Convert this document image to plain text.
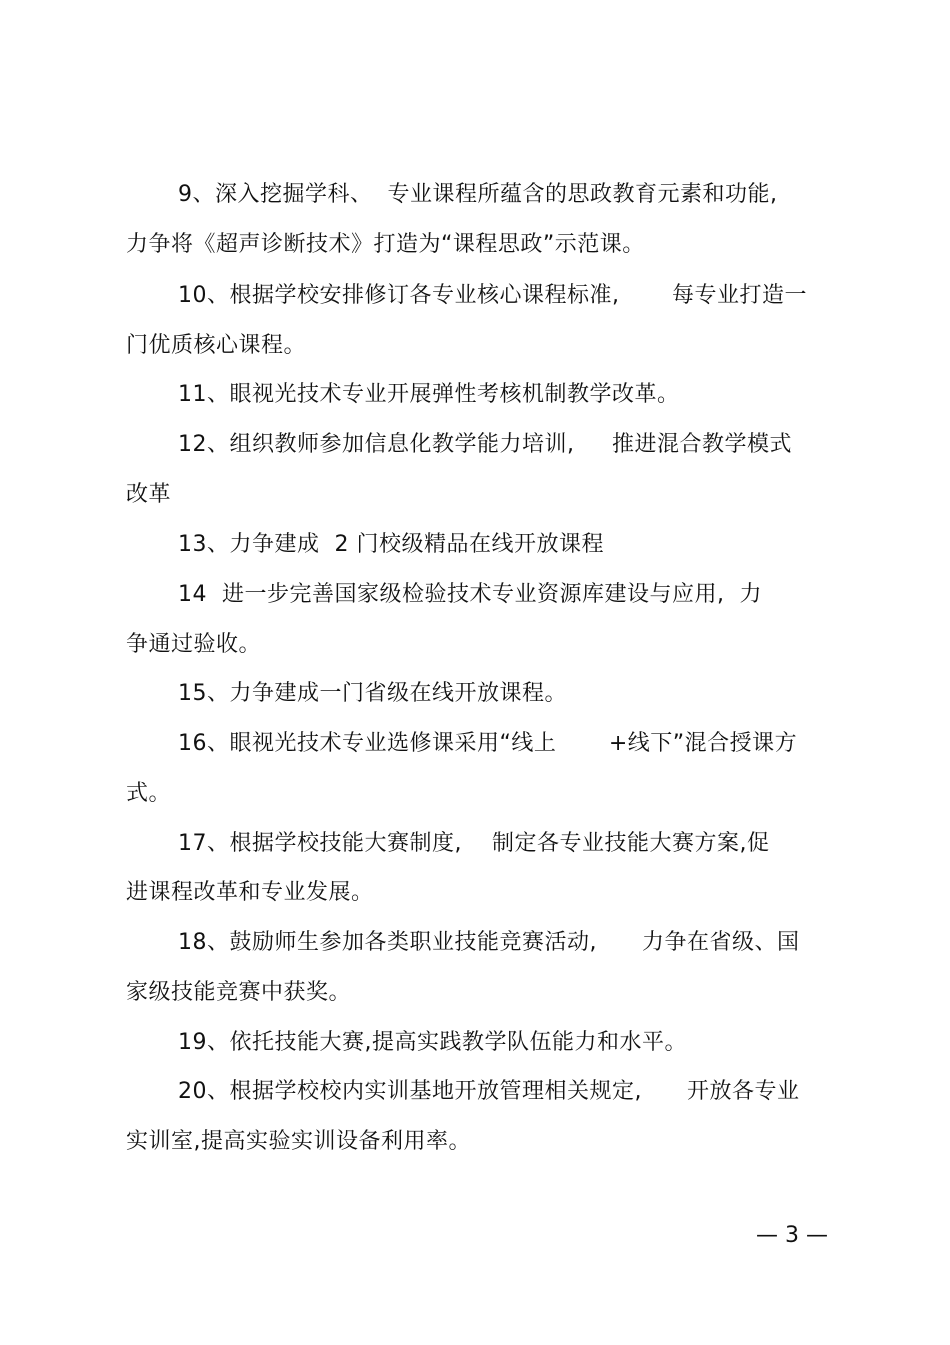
9、深入挖掘学科、  专业课程所蕴含的思政教育元素和功能,
力争将《超声诊断技术》打造为“课程思政”示范课。
10、根据学校安排修订各专业核心课程标准,       每专业打造一
门优质核心课程。
11、眼视光技术专业开展弹性考核机制教学改革。
12、组织教师参加信息化教学能力培训,     推进混合教学模式
改革
13、力争建成  2 门校级精品在线开放课程
14  进一步完善国家级检验技术专业资源库建设与应用,  力
争通过验收。
15、力争建成一门省级在线开放课程。
16、眼视光技术专业选修课采用“线上       +线下”混合授课方
式。
17、根据学校技能大赛制度,    制定各专业技能大赛方案,促
进课程改革和专业发展。
18、鼓励师生参加各类职业技能竞赛活动,      力争在省级、国
家级技能竞赛中获奖。
19、依托技能大赛,提高实践教学队伍能力和水平。
20、根据学校校内实训基地开放管理相关规定,      开放各专业
实训室,提高实验实训设备利用率。
— 3 —
